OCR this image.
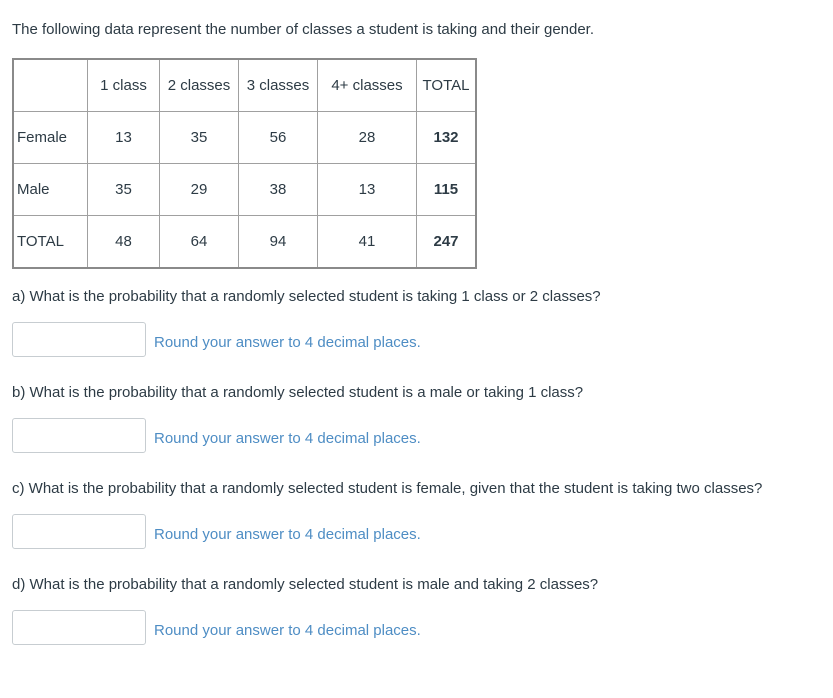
The following data represent the number of classes a student is taking and their gender.

	1 class	2 classes	3 classes	4+ classes	TOTAL
Female	13	35	56	28	132
Male	35	29	38	13	115
TOTAL	48	64	94	41	247

a) What is the probability that a randomly selected student is taking 1 class or 2 classes?

Round your answer to 4 decimal places.

b) What is the probability that a randomly selected student is a male or taking 1 class?

Round your answer to 4 decimal places.

c) What is the probability that a randomly selected student is female, given that the student is taking two classes?

Round your answer to 4 decimal places.

d) What is the probability that a randomly selected student is male and taking 2 classes?

Round your answer to 4 decimal places.
